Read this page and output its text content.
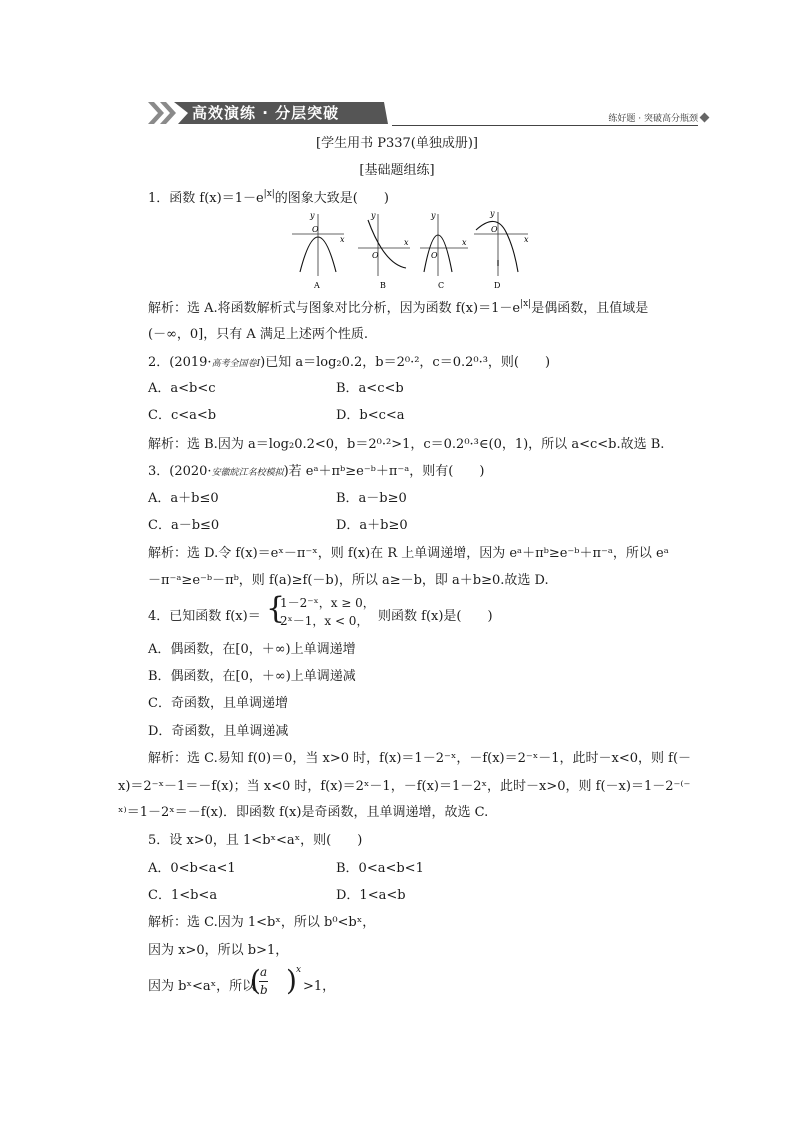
高效演练 · 分层突破	练好题 · 突破高分瓶颈
[学生用书 P337(单独成册)]
[基础题组练]
1．函数 $f(x)=1-e^{|x|}$的图象大致是(　　)
y
x
O
A
y
x
O
B
y
x
O
C
y
x
O
D
解析：选 A.将函数解析式与图象对比分析，因为函数 $f(x)=1-e^{|x|}$是偶函数，且值域是
(－∞，0]，只有 A 满足上述两个性质.
2．(2019·高考全国卷Ⅰ)已知 a＝log₂0.2，b＝2⁰·²，c＝0.2⁰·³，则(　　)
A．a<b<c	B．a<c<b
C．c<a<b	D．b<c<a
解析：选 B.因为 a＝log₂0.2<0，b＝2⁰·²>1，c＝0.2⁰·³∈(0，1)，所以 a<c<b.故选 B.
3．(2020·安徽皖江名校模拟)若 eᵃ＋πᵇ≥e⁻ᵇ＋π⁻ᵃ，则有(　　)
A．a＋b≤0	B．a－b≥0
C．a－b≤0	D．a＋b≥0
解析：选 D.令 f(x)＝eˣ－π⁻ˣ，则 f(x)在 R 上单调递增，因为 eᵃ＋πᵇ≥e⁻ᵇ＋π⁻ᵃ，所以 eᵃ
－π⁻ᵃ≥e⁻ᵇ－πᵇ，则 f(a)≥f(－b)，所以 a≥－b，即 a＋b≥0.故选 D.
4．已知函数 f(x)＝ {
1－2⁻ˣ，x ≥ 0，
2ˣ－1，x < 0， 则函数 f(x)是(　　)
A．偶函数，在[0，＋∞)上单调递增
B．偶函数，在[0，＋∞)上单调递减
C．奇函数，且单调递增
D．奇函数，且单调递减
解析：选 C.易知 f(0)＝0，当 x>0 时，f(x)＝1－2⁻ˣ，－f(x)＝2⁻ˣ－1，此时－x<0，则 f(－
x)＝2⁻ˣ－1＝－f(x)；当 x<0 时，f(x)＝2ˣ－1，－f(x)＝1－2ˣ，此时－x>0，则 f(－x)＝1－2⁻⁽⁻
ˣ⁾＝1－2ˣ＝－f(x)．即函数 f(x)是奇函数，且单调递增，故选 C.
5．设 x>0，且 1<bˣ<aˣ，则(　　)
A．0<b<a<1	B．0<a<b<1
C．1<b<a	D．1<a<b
解析：选 C.因为 1<bˣ，所以 b⁰<bˣ，
因为 x>0，所以 b>1，
因为 bˣ<aˣ，所以
( a
b ) x
>1，
